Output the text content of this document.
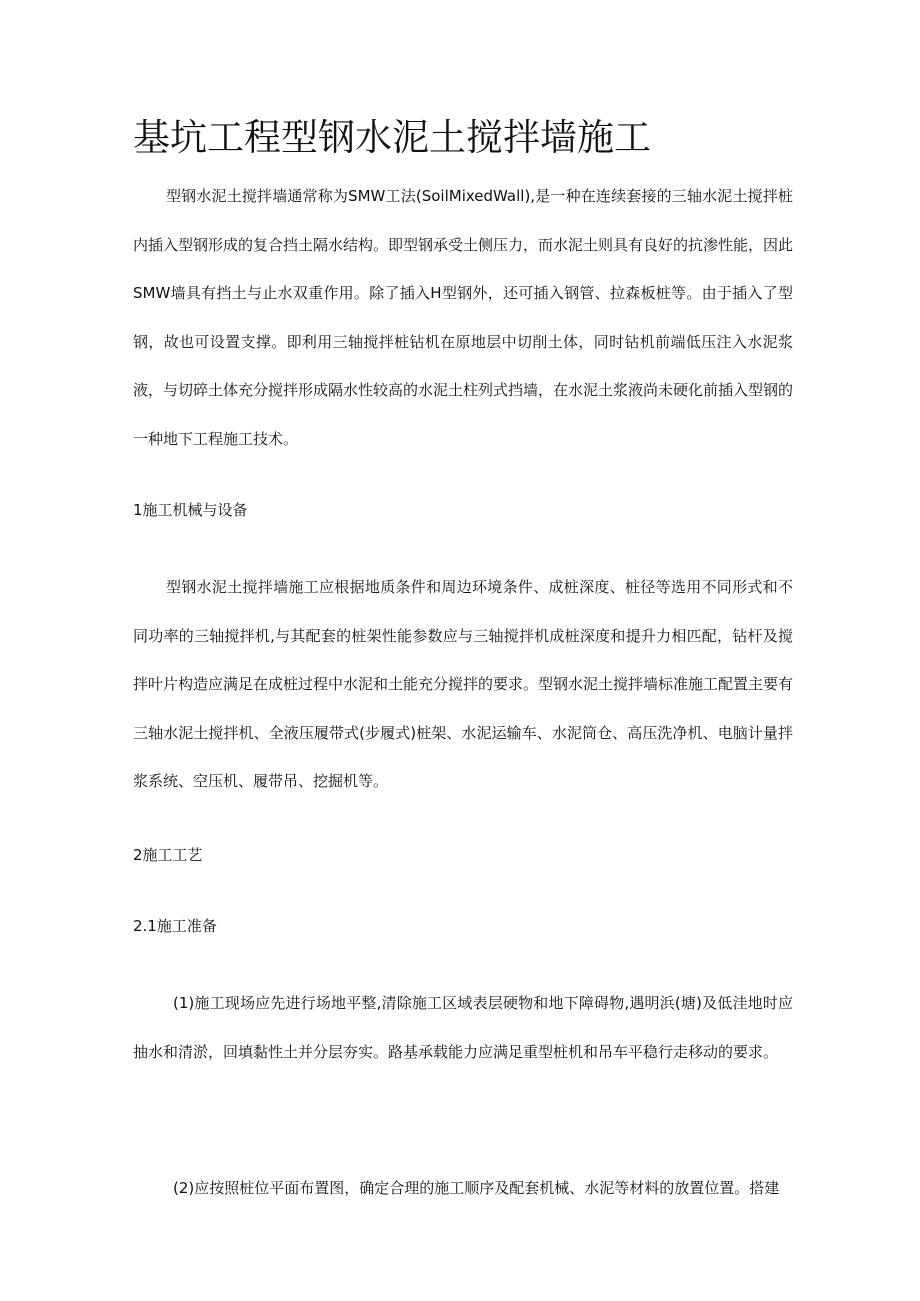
基坑工程型钢水泥土搅拌墙施工

型钢水泥土搅拌墙通常称为SMW工法(SoilMixedWall),是一种在连续套接的三轴水泥土搅拌桩内插入型钢形成的复合挡土隔水结构。即型钢承受土侧压力，而水泥土则具有良好的抗渗性能，因此SMW墙具有挡土与止水双重作用。除了插入H型钢外，还可插入钢管、拉森板桩等。由于插入了型钢，故也可设置支撑。即利用三轴搅拌桩钻机在原地层中切削土体，同时钻机前端低压注入水泥浆液，与切碎土体充分搅拌形成隔水性较高的水泥土柱列式挡墙，在水泥土浆液尚未硬化前插入型钢的一种地下工程施工技术。

1施工机械与设备

型钢水泥土搅拌墙施工应根据地质条件和周边环境条件、成桩深度、桩径等选用不同形式和不同功率的三轴搅拌机,与其配套的桩架性能参数应与三轴搅拌机成桩深度和提升力相匹配，钻杆及搅拌叶片构造应满足在成桩过程中水泥和土能充分搅拌的要求。型钢水泥土搅拌墙标准施工配置主要有三轴水泥土搅拌机、全液压履带式(步履式)桩架、水泥运输车、水泥筒仓、高压洗净机、电脑计量拌浆系统、空压机、履带吊、挖掘机等。

2施工工艺
2.1施工准备

(1)施工现场应先进行场地平整,清除施工区域表层硬物和地下障碍物,遇明浜(塘)及低洼地时应抽水和清淤，回填黏性土并分层夯实。路基承载能力应满足重型桩机和吊车平稳行走移动的要求。

(2)应按照桩位平面布置图，确定合理的施工顺序及配套机械、水泥等材料的放置位置。搭建
